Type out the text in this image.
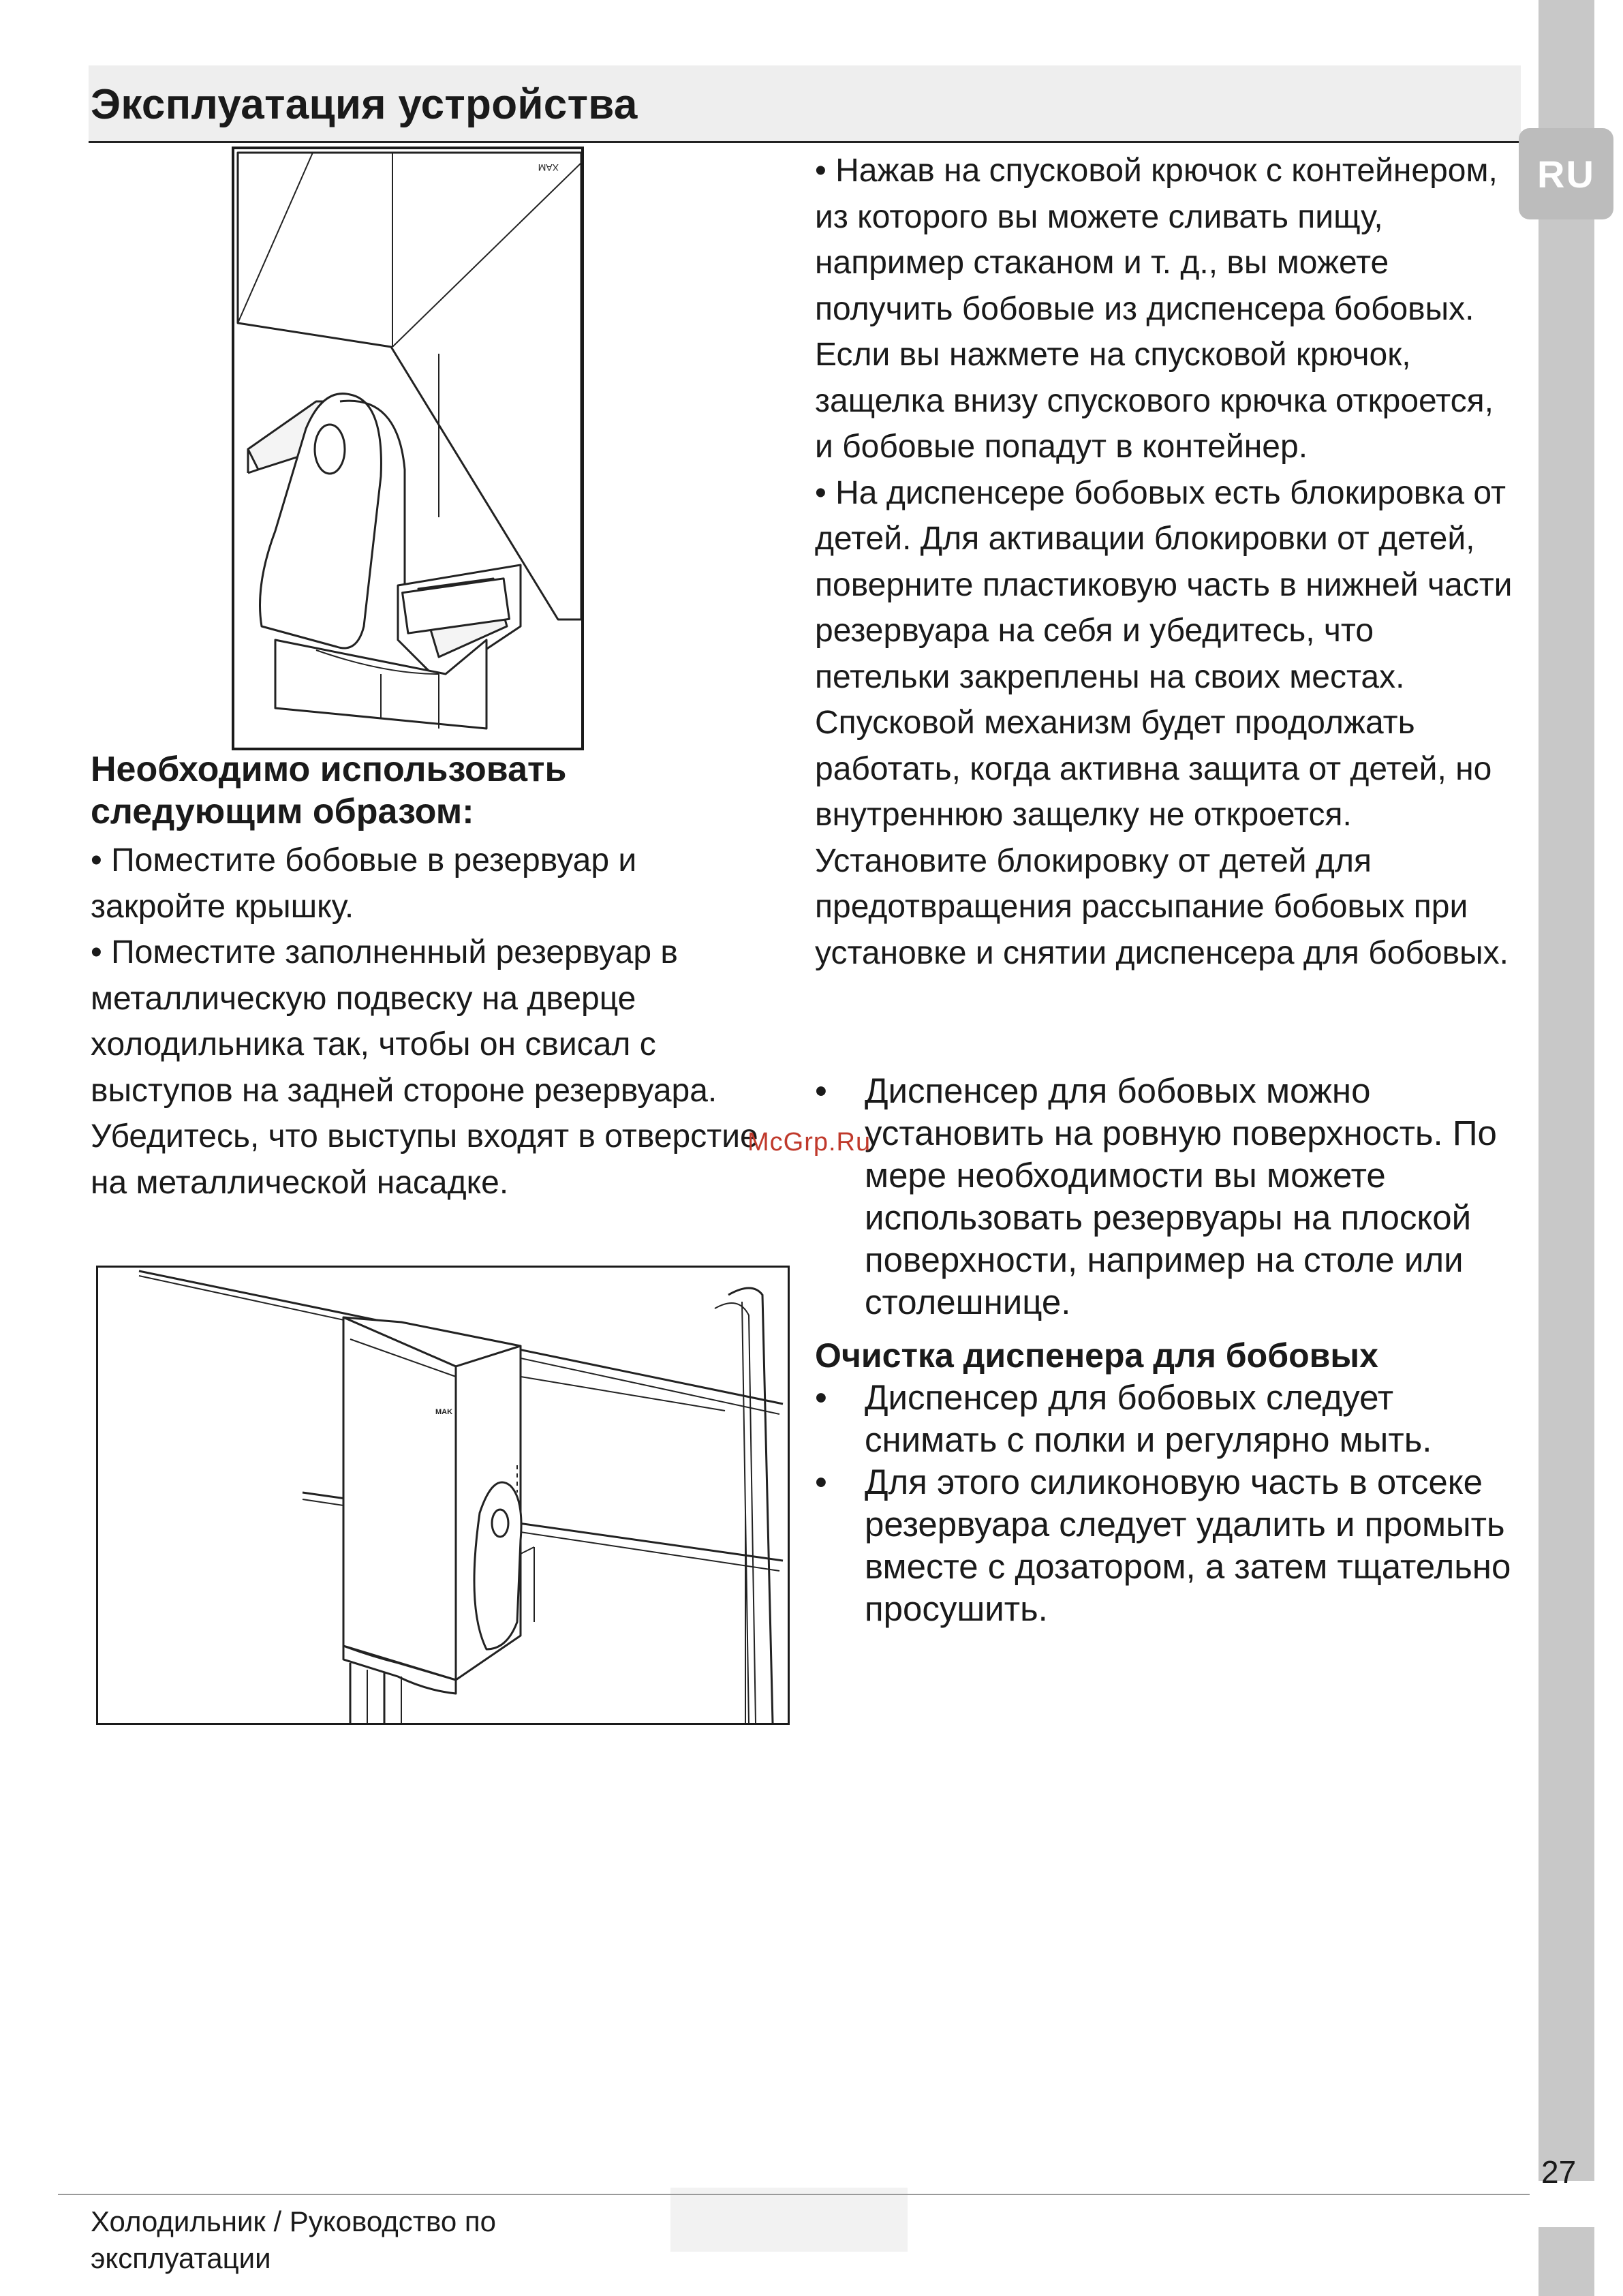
Эксплуатация устройства
RU
XAM
Необходимо использовать следующим образом:

• Поместите бобовые в резервуар и закройте крышку.

• Поместите заполненный резервуар в металлическую подвеску на дверце холодильника так, чтобы он свисал с выступов на задней стороне резервуара. Убедитесь, что выступы входят в отверстие на металлической насадке.

MAK

• Нажав на спусковой крючок с контейнером, из которого вы можете сливать пищу, например стаканом и т. д., вы можете получить бобовые из диспенсера бобовых. Если вы нажмете на спусковой крючок, защелка внизу спускового крючка откроется, и бобовые попадут в контейнер.

• На диспенсере бобовых есть блокировка от детей. Для активации блокировки от детей, поверните пластиковую часть в нижней части резервуара на себя и убедитесь, что петельки закреплены на своих местах. Спусковой механизм будет продолжать работать, когда активна защита от детей, но внутреннюю защелку не откроется. Установите блокировку от детей для предотвращения рассыпание бобовых при установке и снятии диспенсера для бобовых.

•	Диспенсер для бобовых можно установить на ровную поверхность. По мере необходимости вы можете использовать резервуары на плоской поверхности, например на столе или столешнице.
Очистка диспенера для бобовых
•	Диспенсер для бобовых следует снимать с полки и регулярно мыть.
•	Для этого силиконовую часть в отсеке резервуара следует удалить и промыть вместе с дозатором, а затем тщательно просушить.
McGrp.Ru
Холодильник / Руководство по эксплуатации
27
